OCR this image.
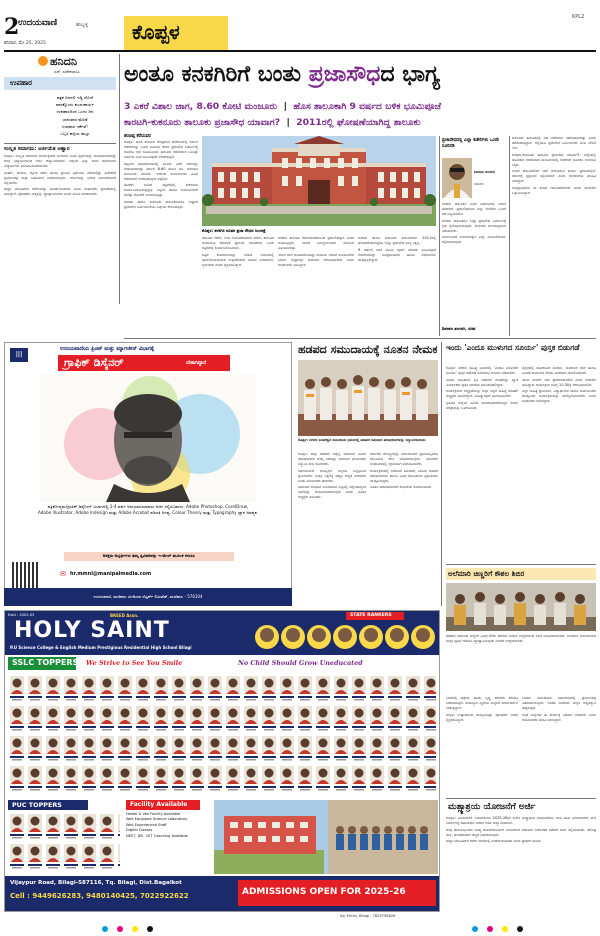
2
ಉದಯವಾಣಿ	ಹುಬ್ಬಳ್ಳಿ
ಶನಿವಾರ, ಮೇ 25, 2025	ಕೊಪ್ಪಳ
KPL2
ಹನಿದನಿ
ಎಸ್. ಸುರೇಶಬಾಬು
ಉಪಹಾರ
ಪತ್ರಕ ದಿನದಲಿ ಇಡ್ಲಿ ದೋಸೆ
ವಾರಕ್ಕೊಂದು ಕುಂದುಕಾರ್ಯ
ಉಪಹಾರದಿಂದ ಒಂದು ದಿನ
ಭಾನುವಾರ ಮೆರಿಡೆ
ಉಪವಾಸ ಇರ್ಕೆವೆ!
ಒಬ್ಬರ ಹಳ್ಳಿಯ ಹುಟ್ಟು
ಸಂಸ್ಕೃತ ಸಮಾಗಮ: ಅರ್ಜಿಯೆತ ಆಹ್ವಾನ

ಕೊಪ್ಪಳ: ಸಂಸ್ಕೃತ ಸಮಾಗಮ ಕಾರ್ಯಕ್ರಮದ ಅಂಗವಾಗಿ ವಿವಿಧ ಸ್ಪರ್ಧೆಗಳನ್ನು ಆಯೋಜಿಸಲಾಗಿದ್ದು ಆಸಕ್ತ ವಿದ್ಯಾರ್ಥಿಗಳಿಂದ ಅರ್ಜಿ ಆಹ್ವಾನಿಸಲಾಗಿದೆ. ಜಿಲ್ಲೆಯ ಎಲ್ಲಾ ಶಾಲಾ ಕಾಲೇಜುಗಳ ವಿದ್ಯಾರ್ಥಿಗಳು ಭಾಗವಹಿಸಬಹುದಾಗಿದೆ.

ಭಾಷಣ, ಗಾಯನ, ಶ್ಲೋಕ ಪಠಣ ಹಾಗೂ ಪ್ರಬಂಧ ಸ್ಪರ್ಧೆಗಳು ನಡೆಯಲಿದ್ದು ವಿಜೇತರಿಗೆ ಪ್ರಮಾಣಪತ್ರ ಮತ್ತು ಬಹುಮಾನ ನೀಡಲಾಗುವುದು. ಅರ್ಜಿಗಳನ್ನು ನಿಗದಿತ ದಿನಾಂಕದೊಳಗೆ ಸಲ್ಲಿಸಬೇಕು.

ಹೆಚ್ಚಿನ ಮಾಹಿತಿಗಾಗಿ ಕಚೇರಿಯನ್ನು ಸಂಪರ್ಕಿಸಬಹುದು ಎಂದು ಸಂಘಟಕರು ಪ್ರಕಟಣೆಯಲ್ಲಿ ತಿಳಿಸಿದ್ದಾರೆ. ಪೋಷಕರು ಮಕ್ಕಳನ್ನು ಪ್ರೋತ್ಸಾಹಿಸಬೇಕು ಎಂದು ಮನವಿ ಮಾಡಲಾಗಿದೆ.

ಅಂತೂ ಕನಕಗಿರಿಗೆ ಬಂತು ಪ್ರಜಾಸೌಧದ ಭಾಗ್ಯ
3 ಎಕರೆ ವಿಶಾಲ ಜಾಗ, 8.60 ಕೋಟಿ ಮಂಜೂರು  |  ಹೊಸ ತಾಲೂಕಾಗಿ 9 ವರ್ಷದ ಬಳಿಕ ಭೂಮಿಪೂಜೆ
ಕಾರಟಗಿ-ಕುಕನೂರು ತಾಲೂಕು ಪ್ರಜಾಸೌಧ ಯಾವಾಗ?  |  2011ರಲ್ಲಿ ಘೋಷಣೆಯಾಗಿದ್ದ ತಾಲೂಕು
ಶರಣಪ್ಪ ಕೆರೆಯವರ

ಕೊಪ್ಪಳ: ಹೊಸ ತಾಲೂಕು ಕೇಂದ್ರವಾದ ಕನಕಗಿರಿಯಲ್ಲಿ ಸರ್ಕಾರಿ ಕಚೇರಿಗಳನ್ನು ಒಂದೇ ಸೂರಿನಡಿ ತರುವ ಪ್ರಜಾಸೌಧ ನಿರ್ಮಾಣಕ್ಕೆ ಕೊನೆಗೂ ಕಾಲ ಕೂಡಿಬಂದಿದೆ. ತಾಲೂಕು ರಚನೆಯಾಗಿ ಒಂಬತ್ತು ವರ್ಷಗಳ ಬಳಿಕ ಭೂಮಿಪೂಜೆ ನೆರವೇರುತ್ತಿದೆ.

ಪಟ್ಟಣದ ಹೊರವಲಯದಲ್ಲಿ ಮೂರು ಎಕರೆ ಜಾಗವನ್ನು ಗುರುತಿಸಲಾಗಿದ್ದು ಸರ್ಕಾರ 8.60 ಕೋಟಿ ರೂ. ಅನುದಾನ ಮಂಜೂರು ಮಾಡಿದೆ. ಇದರಿಂದ ಸಾರ್ವಜನಿಕರು ವಿವಿಧ ಕಚೇರಿಗಳಿಗೆ ಅಲೆದಾಡುವುದು ತಪ್ಪಲಿದೆ.

ಈವರೆಗೆ ಬಾಡಿಗೆ ಕಟ್ಟಡಗಳಲ್ಲಿ ಕಚೇರಿಗಳು ಕಾರ್ಯನಿರ್ವಹಿಸುತ್ತಿದ್ದವು. ಸಿಬ್ಬಂದಿ ಹಾಗೂ ಸಾರ್ವಜನಿಕರಿಗೆ ಸಾಕಷ್ಟು ತೊಂದರೆ ಉಂಟಾಗುತ್ತಿತ್ತು.

ಕಾರಟಗಿ ಹಾಗೂ ಕುಕನೂರು ತಾಲೂಕುಗಳಿಗೂ ಶೀಘ್ರವೇ ಪ್ರಜಾಸೌಧ ನಿರ್ಮಿಸಬೇಕೆಂಬ ಒತ್ತಾಯ ಕೇಳಿಬರುತ್ತಿದೆ.

ಕೊಪ್ಪಳ: ಕನಕಗಿರಿ ನೂತನ ಪ್ರಜಾ ಸೌಧದ ನೀಲನಕ್ಷೆ

ತಾಲೂಕು ಕಚೇರಿ, ಉಪ ನೋಂದಣಾಧಿಕಾರಿ ಕಚೇರಿ, ತಾಲೂಕು ಪಂಚಾಯಿತಿ ಸೇರಿದಂತೆ ಪ್ರಮುಖ ಇಲಾಖೆಗಳು ಒಂದೇ ಕಟ್ಟಡದಲ್ಲಿ ಕಾರ್ಯನಿರ್ವಹಿಸಲಿವೆ.

ಕಟ್ಟಡ ಕಾಮಗಾರಿಯನ್ನು ನಿಗದಿತ ಅವಧಿಯಲ್ಲಿ ಪೂರ್ಣಗೊಳಿಸುವಂತೆ ಗುತ್ತಿಗೆದಾರರಿಗೆ ಸೂಚನೆ ನೀಡಲಾಗಿದೆ. ಸ್ಥಳೀಯರು ಸಂತಸ ವ್ಯಕ್ತಪಡಿಸಿದ್ದಾರೆ.

ಕನಕಗಿರಿ ತಾಲೂಕು ರಚನೆಯಾದಾಗಿನಿಂದ ಪ್ರಜಾಸೌಧಕ್ಕಾಗಿ ಜನರು ಕಾಯುತ್ತಿದ್ದರು. ಜಾಗದ ಸಮಸ್ಯೆಯಿಂದಾಗಿ ಯೋಜನೆ ವಿಳಂಬವಾಗಿತ್ತು.

ಇದೀಗ ಜಾಗ ಅಂತಿಮಗೊಂಡಿದ್ದು ಕಂದಾಯ ಇಲಾಖೆ ಅನುಮೋದನೆ ನೀಡಿದೆ. ಶೀಘ್ರದಲ್ಲೇ ಕಾಮಗಾರಿ ಆರಂಭವಾಗಲಿದೆ ಎಂದು ಅಧಿಕಾರಿಗಳು ತಿಳಿಸಿದ್ದಾರೆ.

ಕಾರಟಗಿ ಹಾಗೂ ಕುಕನೂರು ತಾಲೂಕುಗಳು 2011ರಲ್ಲಿ ಘೋಷಣೆಯಾಗಿದ್ದರೂ ಇನ್ನೂ ಪ್ರಜಾಸೌಧ ಭಾಗ್ಯ ಸಿಕ್ಕಿಲ್ಲ.

9 ವರ್ಷದ ಬಳಿಕ ಭೂಮಿ ಪೂಜೆ: ಸಚಿವರು ಭೂಮಿಪೂಜೆ ನೆರವೇರಿಸಲಿದ್ದು ಜನಪ್ರತಿನಿಧಿಗಳು ಹಾಗೂ ಅಧಿಕಾರಿಗಳು ಪಾಲ್ಗೊಳ್ಳಲಿದ್ದಾರೆ.

ಪ್ರಜಾಸೌಧದಲ್ಲಿ ಎಲ್ಲಾ ಕಚೇರಿಗಳು ಒಂದೇ ಸೂರಿನಡಿ
ಶಿವರಾಜ ತಂಗಡಗಿ
ಸಚಿವರು

ಕನಕಗಿರಿ ತಾಲೂಕಿನ ಜನರ ಬಹುದಿನಗಳ ಬೇಡಿಕೆ ಈಡೇರಿದೆ. ಪ್ರಜಾಸೌಧದಿಂದ ಎಲ್ಲಾ ಸೇವೆಗಳು ಒಂದೇ ಕಡೆ ಲಭ್ಯವಾಗಲಿವೆ.

ಕಾರಟಗಿ ತಾಲೂಕಿಗೂ ಶೀಘ್ರ ಪ್ರಜಾಸೌಧ ನಿರ್ಮಾಣಕ್ಕೆ ಕ್ರಮ ಕೈಗೊಳ್ಳಲಾಗುವುದು. ಕಾಮಗಾರಿ ಗುಣಮಟ್ಟದಿಂದ ನಡೆಯಬೇಕು.

ಸಾರ್ವಜನಿಕರ ಅನುಕೂಲಕ್ಕಾಗಿ ಎಲ್ಲಾ ಮೂಲಸೌಕರ್ಯ ಕಲ್ಪಿಸಲಾಗುವುದು.

ಶಿವರಾಜ ತಂಗಡಗಿ, ಸಚಿವ

ಕುಕನೂರು ತಾಲೂಕಿನಲ್ಲಿ ಸಹ ಕಚೇರಿಗಳು ಚದುರಿಹೋಗಿದ್ದು ಜನರು ಪರದಾಡುತ್ತಿದ್ದಾರೆ. ಅಲ್ಲಿಯೂ ಪ್ರಜಾಸೌಧ ನಿರ್ಮಿಸಬೇಕು ಎಂಬ ಬೇಡಿಕೆ ಇದೆ.

ಕಾರಟಗಿ-ಕುಕನೂರು ತಾಲೂಕು ಪ್ರಜಾಸೌಧ ಯಾವಾಗ?: ಜಿಲ್ಲೆಯಲ್ಲಿ ಹೊಸದಾಗಿ ರಚನೆಯಾದ ತಾಲೂಕುಗಳಲ್ಲಿ ಕನಕಗಿರಿಗೆ ಮೊದಲು ಅನುದಾನ ಸಿಕ್ಕಿದೆ.

ಉಳಿದ ತಾಲೂಕುಗಳಿಗೆ ಜಾಗ ಗುರುತಿಸುವ ಕಾರ್ಯ ಪ್ರಗತಿಯಲ್ಲಿದೆ. ಸರ್ಕಾರಕ್ಕೆ ಪ್ರಸ್ತಾವನೆ ಸಲ್ಲಿಸಲಾಗಿದೆ ಎಂದು ಅಧಿಕಾರಿಗಳು ಮಾಹಿತಿ ನೀಡಿದ್ದಾರೆ.

ಜನಪ್ರತಿನಿಧಿಗಳು ಈ ಕುರಿತು ಗಮನಹರಿಸಬೇಕು ಎಂದು ನಾಗರಿಕರು ಒತ್ತಾಯಿಸಿದ್ದಾರೆ.

|||
ಉದಯವಾಣಿಯ ಪ್ರಿಂಟ್ ಮತ್ತು ಮ್ಯಾಗಜೀನ್ ವಿಭಾಗಕ್ಕೆ
ಗ್ರಾಫಿಕ್ ಡಿಸೈನರ್	ಬೇಕಾಗಿದ್ದಾರೆ
ಪತ್ರಿಕೋದ್ಯಮ/ಗ್ರಾಫಿಕ್ ಡಿಸೈನಿಂಗ್ ವಿಭಾಗದಲ್ಲಿ 2-4 ವರ್ಷ ಅನುಭವವಿರುವವರು ಅರ್ಜಿ ಸಲ್ಲಿಸಬಹುದು. Adobe Photoshop, CorelDraw,
Adobe Illustrator, Adobe Indesign ಮತ್ತು Adobe Acrobat ಪರಿಣತಿ ಅಗತ್ಯ. Colour Theory ಮತ್ತು Typography ಜ್ಞಾನ ಅವಶ್ಯಕ.
ಆಸಕ್ತರು ಅಭ್ಯರ್ಥಿಗಳು ತಮ್ಮ ಸ್ವವಿವರವನ್ನು ಇ-ಮೇಲ್ ಮೂಲಕ ಕಳುಹಿಸಿ
✉ hr.mmnl@manipalmedia.com
ಉದಯವಾಣಿ, ಮಣಿಪಾಲ ಮೀಡಿಯಾ ನೆಟ್ವರ್ಕ್ ಲಿಮಿಟೆಡ್, ಮಣಿಪಾಲ - 576104
ಹಡಪದ ಸಮುದಾಯಕ್ಕೆ ನೂತನ ನೇಮಕ
ಕೊಪ್ಪಳ: ನಗರದ ಬಸವೇಶ್ವರ ಸಮುದಾಯ ಭವನದಲ್ಲಿ ಹಡಪದ ಸಮಾಜದ ಪದಾಧಿಕಾರಿಗಳನ್ನು ಸನ್ಮಾನಿಸಲಾಯಿತು

ಕೊಪ್ಪಳ: ಜಿಲ್ಲಾ ಹಡಪದ ಅಪ್ಪಣ್ಣ ಸಮಾಜದ ನೂತನ ಪದಾಧಿಕಾರಿಗಳ ಆಯ್ಕೆ ನಡೆದಿದ್ದು ಸಮಾಜದ ಮುಖಂಡರು ಸನ್ಮಾನಿಸಿ ಶುಭ ಕೋರಿದರು.

ಸಮುದಾಯದ ಅಭಿವೃದ್ಧಿಗೆ ಎಲ್ಲರೂ ಒಗ್ಗಟ್ಟಿನಿಂದ ಶ್ರಮಿಸಬೇಕು. ಮಕ್ಕಳ ಶಿಕ್ಷಣಕ್ಕೆ ಹೆಚ್ಚಿನ ಆದ್ಯತೆ ನೀಡಬೇಕು ಎಂದು ಮುಖಂಡರು ಹೇಳಿದರು.

ಸಮಾಜದ ಸಂಘಟನೆ ಬಲಪಡಿಸುವ ನಿಟ್ಟಿನಲ್ಲಿ ಜಿಲ್ಲೆಯಾದ್ಯಂತ ಸಭೆಗಳನ್ನು ಆಯೋಜಿಸಲಾಗುವುದು ಎಂದು ನೂತನ ಅಧ್ಯಕ್ಷರು ತಿಳಿಸಿದರು.

ಸರ್ಕಾರದ ಸೌಲಭ್ಯಗಳನ್ನು ಸಮುದಾಯದ ಪ್ರತಿಯೊಬ್ಬರಿಗೂ ತಲುಪಿಸುವ ಕೆಲಸ ಮಾಡಲಾಗುವುದು. ಯುವಕರು ಸಂಘಟನೆಯಲ್ಲಿ ಸಕ್ರಿಯವಾಗಿ ಭಾಗವಹಿಸಬೇಕು.

ಕಾರ್ಯಕ್ರಮದಲ್ಲಿ ಸಮಾಜದ ಹಿರಿಯರು, ಮಹಿಳಾ ಘಟಕದ ಪದಾಧಿಕಾರಿಗಳು ಹಾಗೂ ವಿವಿಧ ತಾಲೂಕುಗಳ ಪ್ರತಿನಿಧಿಗಳು ಪಾಲ್ಗೊಂಡಿದ್ದರು.

ನೂತನ ಪದಾಧಿಕಾರಿಗಳಿಗೆ ಶುಭಾಶಯ ಕೋರಲಾಯಿತು.

ಇಂದು 'ಎಂದೂ ಮುಳುಗದ ಸೂರ್ಯ' ಪುಸ್ತಕ ಬಿಡುಗಡೆ

ಕೊಪ್ಪಳ: ನಗರದ ಸಾಹಿತ್ಯ ಭವನದಲ್ಲಿ 'ಎಂದೂ ಮುಳುಗದ ಸೂರ್ಯ' ಪುಸ್ತಕ ಬಿಡುಗಡೆ ಸಮಾರಂಭ ಶನಿವಾರ ನಡೆಯಲಿದೆ.

ಹಿರಿಯ ಸಾಹಿತಿಗಳು ಕೃತಿ ಬಿಡುಗಡೆ ಮಾಡಲಿದ್ದು ಖ್ಯಾತ ವಿಮರ್ಶಕರು ಪುಸ್ತಕ ಪರಿಚಯ ಮಾಡಿಕೊಡಲಿದ್ದಾರೆ.

ಕಾರ್ಯಕ್ರಮದ ಅಧ್ಯಕ್ಷತೆಯನ್ನು ಜಿಲ್ಲಾ ಕನ್ನಡ ಸಾಹಿತ್ಯ ಪರಿಷತ್ ಅಧ್ಯಕ್ಷರು ವಹಿಸಲಿದ್ದಾರೆ. ಸಾಹಿತ್ಯಾಸಕ್ತರು ಭಾಗವಹಿಸಬೇಕು.

ಕೃತಿಯು ಜಿಲ್ಲೆಯ ಹಿರಿಯ ಹೋರಾಟಗಾರರೊಬ್ಬರ ಜೀವನ ಚರಿತ್ರೆಯನ್ನು ಒಳಗೊಂಡಿದೆ.

ಪುಸ್ತಕದಲ್ಲಿ ಹೋರಾಟದ ದಿನಗಳು, ಸಾಮಾಜಿಕ ಸೇವೆ ಹಾಗೂ ಜನಪರ ಕಾರ್ಯಗಳ ಕುರಿತು ವಿವರವಾಗಿ ದಾಖಲಿಸಲಾಗಿದೆ.

ಯುವ ಪೀಳಿಗೆಗೆ ಇದು ಪ್ರೇರಣೆಯಾಗಲಿದೆ ಎಂದು ಲೇಖಕರು ತಿಳಿಸಿದ್ದಾರೆ. ಕಾರ್ಯಕ್ರಮ ಬೆಳಗ್ಗೆ 10.30ಕ್ಕೆ ಆರಂಭವಾಗಲಿದೆ.

ಎಲ್ಲಾ ಸಾಹಿತ್ಯ ಪ್ರೇಮಿಗಳು, ವಿದ್ಯಾರ್ಥಿಗಳು ಹಾಗೂ ಸಾರ್ವಜನಿಕರು ಪಾಲ್ಗೊಂಡು ಕಾರ್ಯಕ್ರಮವನ್ನು ಯಶಸ್ವಿಗೊಳಿಸಬೇಕು ಎಂದು ಸಂಘಟಕರು ಕೋರಿದ್ದಾರೆ.

ಅಲೆಮಾರಿ ಚಿಣ್ಣರಿಗೆ ಕೌಶಲ ಶಿಬಿರ

ಹಡಪದ ಸಮಾಜದ ಮಕ್ಕಳಿಗೆ ವಿವಿಧ ಕೌಶಲ ತರಬೇತಿ ನೀಡುವ ಉದ್ದೇಶದಿಂದ ಶಿಬಿರ ಆಯೋಜಿಸಲಾಗಿದೆ. ಅಲೆಮಾರಿ ಸಮುದಾಯದ ಮಕ್ಕಳ ಪ್ರತಿಭೆ ಗುರುತಿಸಿ ಪ್ರೋತ್ಸಾಹಿಸುವುದು ಶಿಬಿರದ ಉದ್ದೇಶವಾಗಿದೆ.

ಶಿಬಿರದಲ್ಲಿ ಚಿತ್ರಕಲೆ, ಹಾಡು, ನೃತ್ಯ, ಕರಕುಶಲ ತರಬೇತಿ ನೀಡಲಾಗುತ್ತಿದೆ. ಸಂಪನ್ಮೂಲ ವ್ಯಕ್ತಿಗಳು ಮಕ್ಕಳಿಗೆ ಮಾರ್ಗದರ್ಶನ ನೀಡುತ್ತಿದ್ದಾರೆ.

ಮಕ್ಕಳು ಉತ್ಸಾಹದಿಂದ ಪಾಲ್ಗೊಂಡಿದ್ದು ಪೋಷಕರು ಸಂತಸ ವ್ಯಕ್ತಪಡಿಸಿದ್ದಾರೆ.

ಶಿಬಿರದ ಸಮಾರೋಪ ಸಮಾರಂಭದಲ್ಲಿ ಪ್ರಮಾಣಪತ್ರ ವಿತರಿಸಲಾಗುವುದು. ಇಂತಹ ಶಿಬಿರಗಳು ಮಕ್ಕಳ ಆತ್ಮವಿಶ್ವಾಸ ಹೆಚ್ಚಿಸುತ್ತವೆ.

ಸಂಘ ಸಂಸ್ಥೆಗಳು ಈ ಕಾರ್ಯಕ್ಕೆ ಸಹಕಾರ ನೀಡಬೇಕು ಎಂದು ಆಯೋಜಕರು ಮನವಿ ಮಾಡಿದ್ದಾರೆ.

ಮತ್ಸ್ಯಾಶ್ರಯ ಯೋಜನೆಗೆ ಅರ್ಜಿ

ಕೊಪ್ಪಳ: ಮೀನುಗಾರಿಕೆ ಇಲಾಖೆಯಿಂದ 2025-26ನೇ ಸಾಲಿನ ಮತ್ಸ್ಯಾಶ್ರಯ ಯೋಜನೆಯಡಿ ವಸತಿ ರಹಿತ ಮೀನುಗಾರರಿಗೆ ಮನೆ ನಿರ್ಮಾಣಕ್ಕೆ ಸಹಾಯಧನ ನೀಡಲು ಅರ್ಜಿ ಆಹ್ವಾನಿಸಲಾಗಿದೆ.

ಆಸಕ್ತ ಫಲಾನುಭವಿಗಳು ಅಗತ್ಯ ದಾಖಲೆಗಳೊಂದಿಗೆ ಮೀನುಗಾರಿಕೆ ಸಹಾಯಕ ನಿರ್ದೇಶಕರ ಕಚೇರಿಗೆ ಅರ್ಜಿ ಸಲ್ಲಿಸಬಹುದು. ಪರಿಶಿಷ್ಟ ಜಾತಿ, ಪಂಗಡದವರಿಗೆ ಆದ್ಯತೆ ನೀಡಲಾಗುವುದು.

ಹೆಚ್ಚಿನ ಮಾಹಿತಿಗಾಗಿ ಕಚೇರಿ ವೇಳೆಯಲ್ಲಿ ಸಂಪರ್ಕಿಸಬಹುದು ಎಂದು ಪ್ರಕಟಣೆ ತಿಳಿಸಿದೆ.

Estd : 2002-03	BREED Assn.
HOLY SAINT
P.U Science College & English Medium Prestigious Residential High School Bilagi
STATE RANKERS
SSLC TOPPERS We Strive to See You Smile	No Child Should Grow Uneducated
PUC TOPPERS	Facility Available
Hostel & Van Facility Available
Well Equipped Science Laboratory
Well Experienced Staff
Digital Classes
NEET, JEE, CET Coaching Available
Vijaypur Road, Bilagi-587116, Tq. Bilagi, Dist.Bagalkot
Cell : 9449626283, 9480140425, 7022922622	ADMISSIONS OPEN FOR 2025-26
Sai Prints, Bilagi - 7829758826
